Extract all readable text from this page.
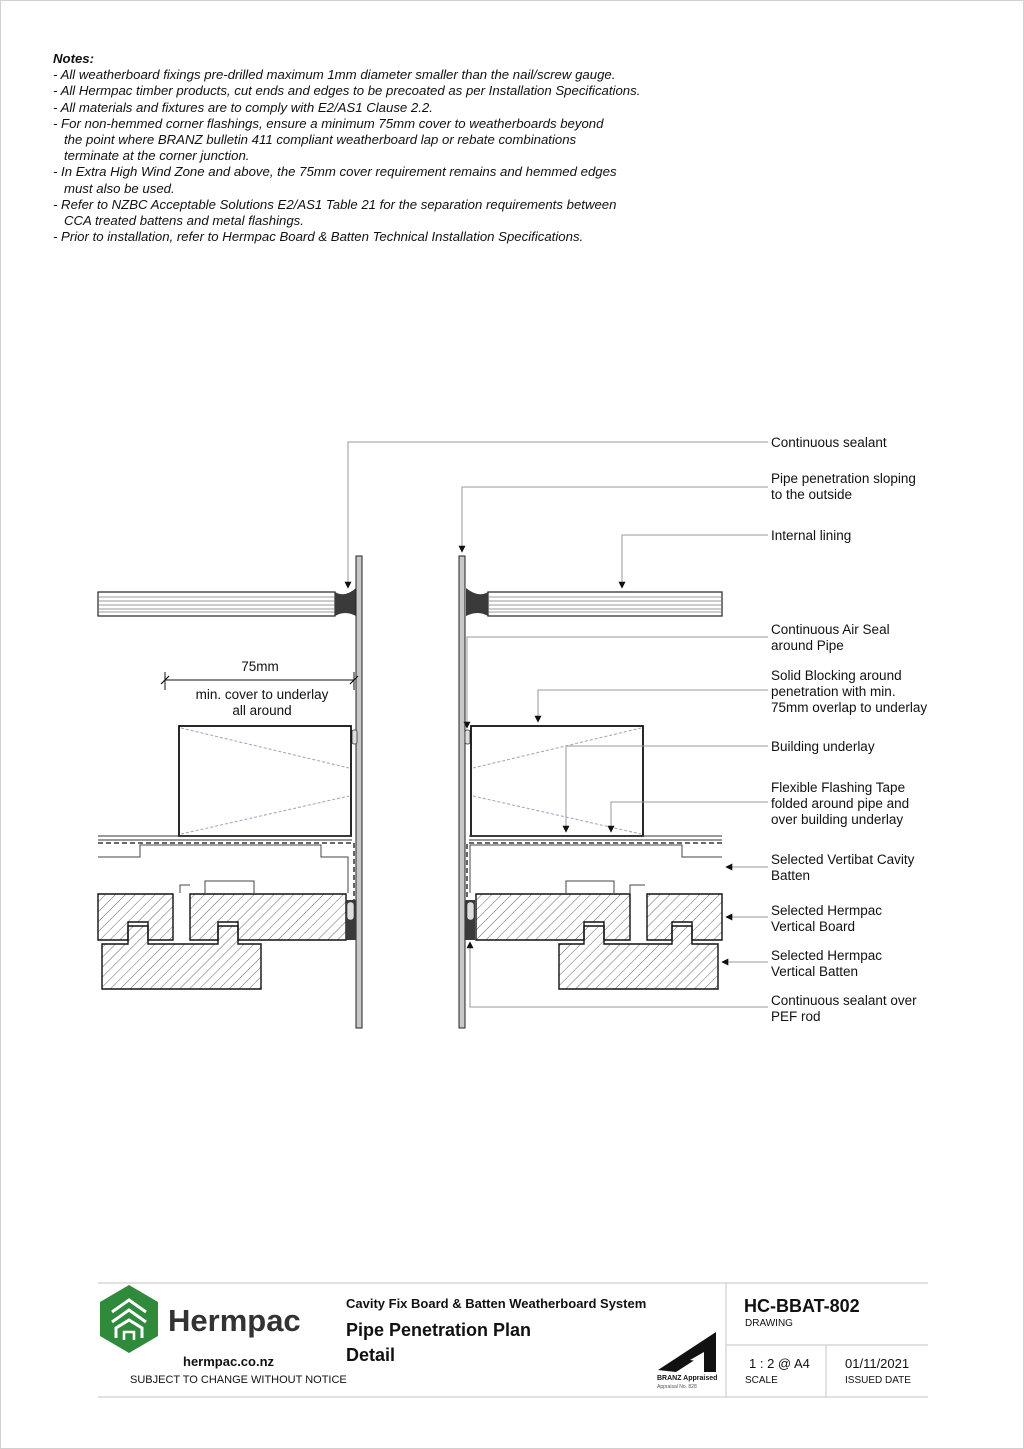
Notes:
- All weatherboard fixings pre-drilled maximum 1mm diameter smaller than the nail/screw gauge.
- All Hermpac timber products, cut ends and edges to be precoated as per Installation Specifications.
- All materials and fixtures are to comply with E2/AS1 Clause 2.2.
- For non-hemmed corner flashings, ensure a minimum 75mm cover to weatherboards beyond
the point where BRANZ bulletin 411 compliant weatherboard lap or rebate combinations
terminate at the corner junction.
- In Extra High Wind Zone and above, the 75mm cover requirement remains and hemmed edges
must also be used.
- Refer to NZBC Acceptable Solutions E2/AS1 Table 21 for the separation requirements between
CCA treated battens and metal flashings.
- Prior to installation, refer to Hermpac Board & Batten Technical Installation Specifications.
75mm
min. cover to underlay
all around
Continuous sealant
Pipe penetration sloping
to the outside
Internal lining
Continuous Air Seal
around Pipe
Solid Blocking around
penetration with min.
75mm overlap to underlay
Building underlay
Flexible Flashing Tape
folded around pipe and
over building underlay
Selected Vertibat Cavity
Batten
Selected Hermpac
Vertical Board
Selected Hermpac
Vertical Batten
Continuous sealant over
PEF rod
Hermpac
hermpac.co.nz
SUBJECT TO CHANGE WITHOUT NOTICE
Cavity Fix Board & Batten Weatherboard System
Pipe Penetration Plan
Detail
BRANZ Appraised
Appraisal No. 828
HC-BBAT-802
DRAWING
1 : 2 @ A4
SCALE
01/11/2021
ISSUED DATE
